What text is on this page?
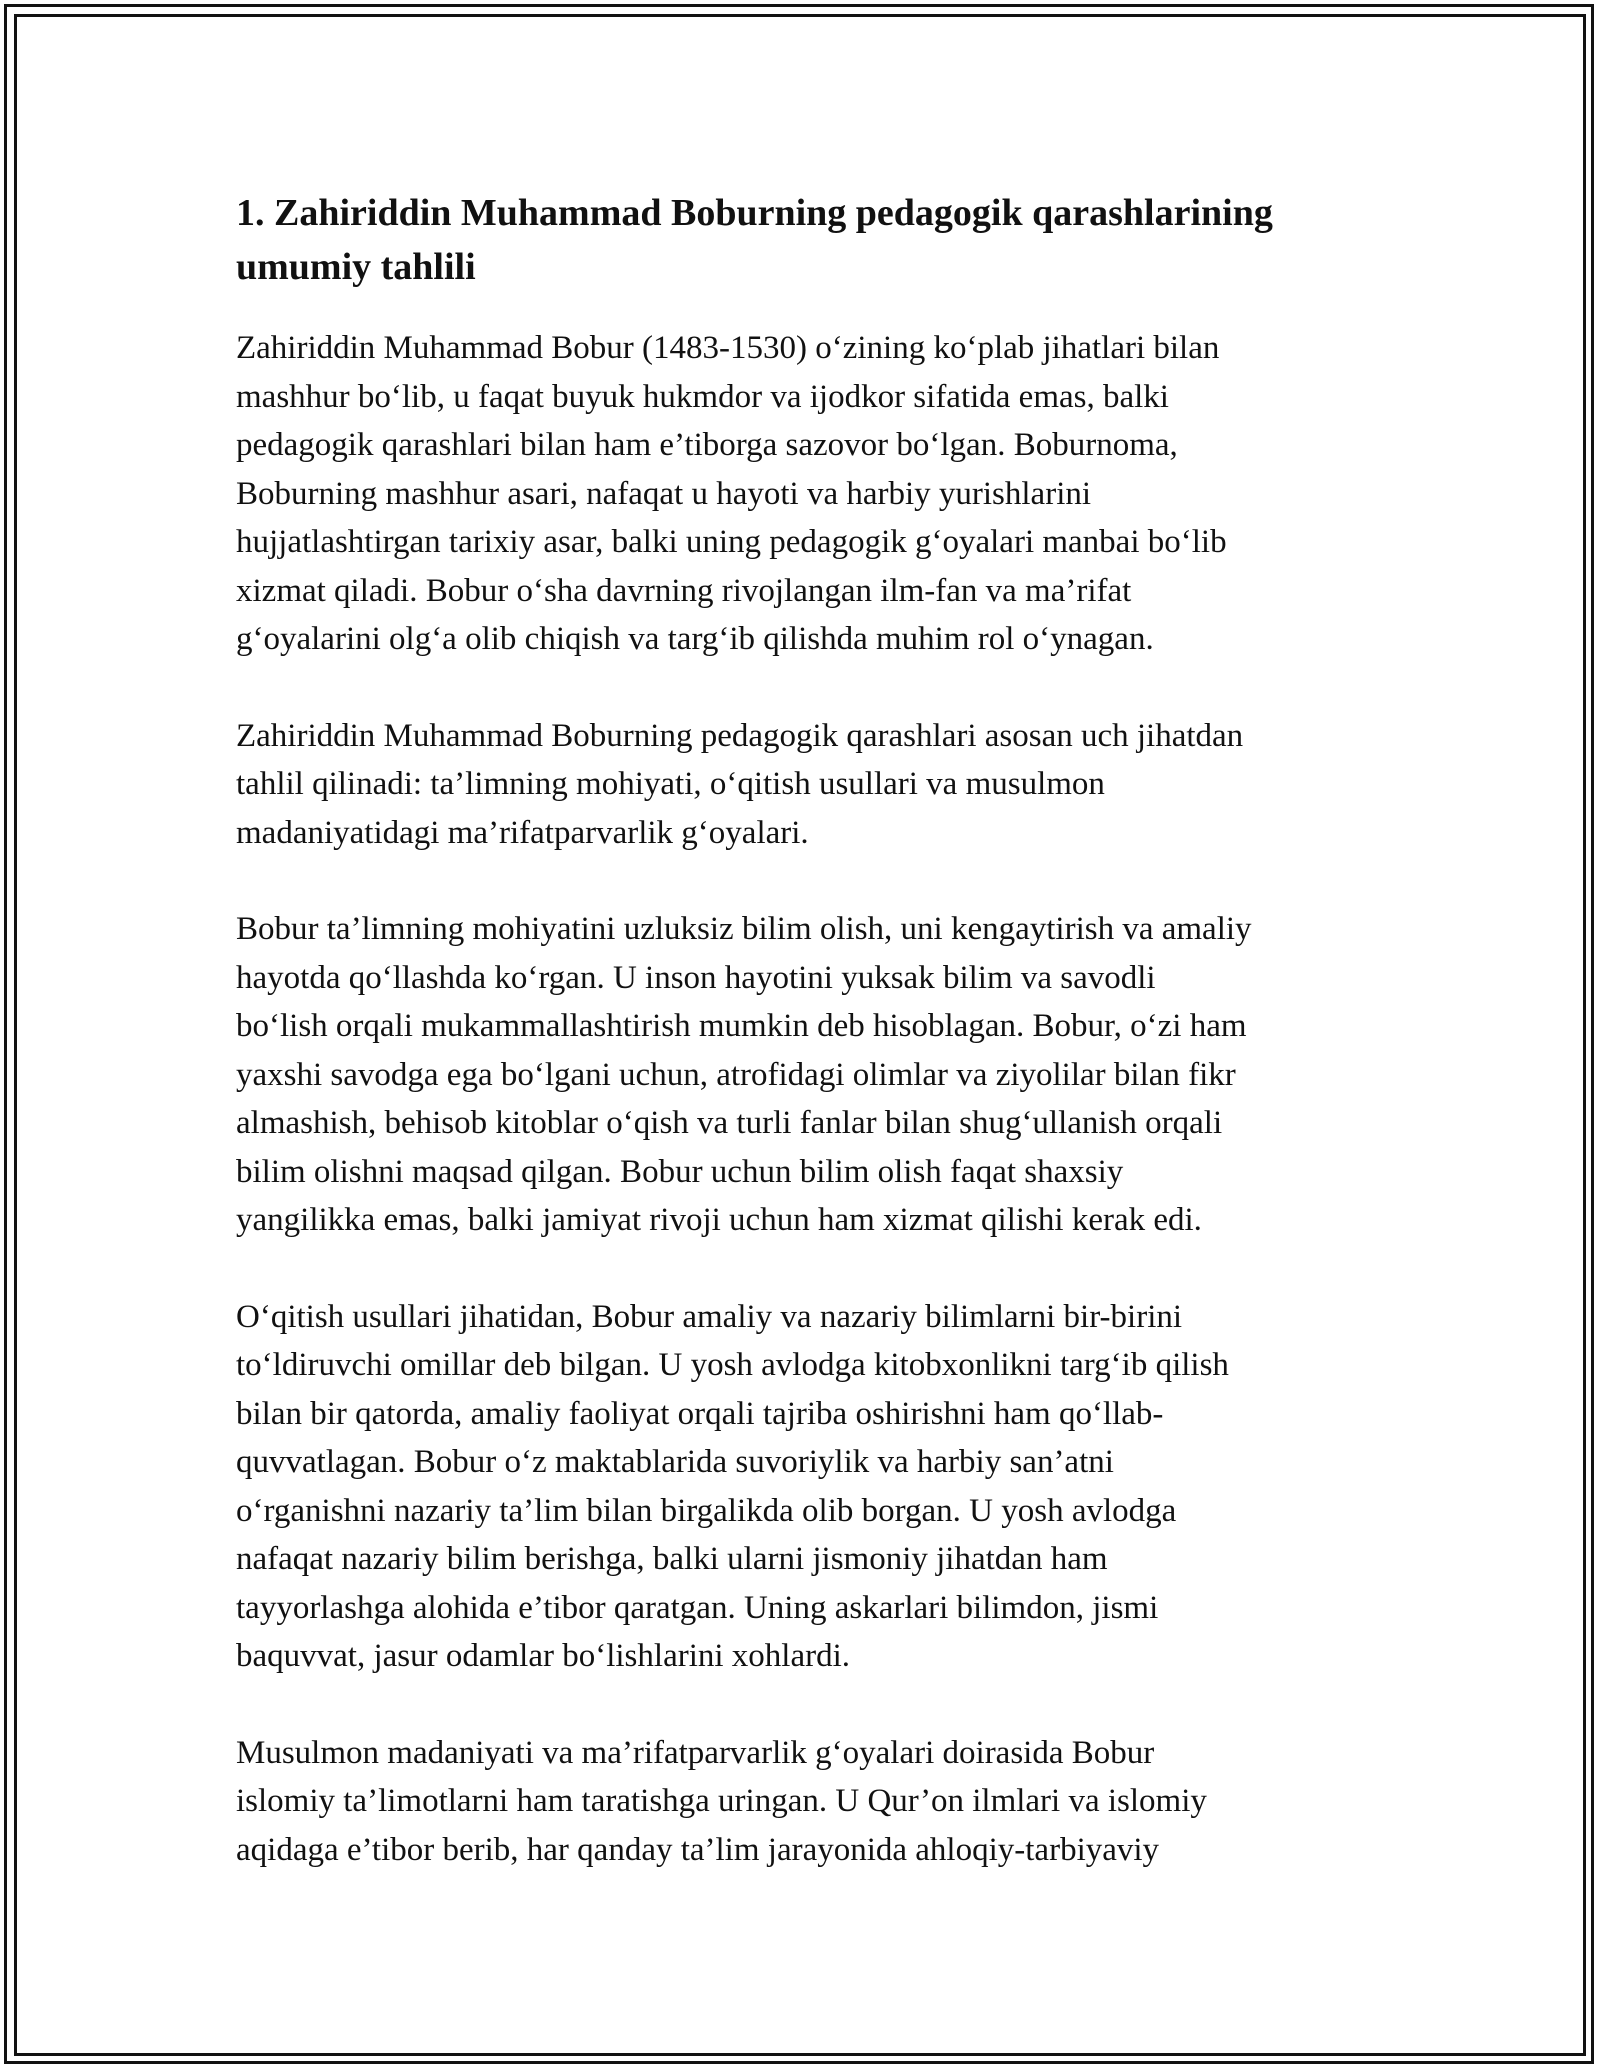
1. Zahiriddin Muhammad Boburning pedagogik qarashlarining umumiy tahlili

Zahiriddin Muhammad Bobur (1483-1530) o‘zining ko‘plab jihatlari bilan
mashhur bo‘lib, u faqat buyuk hukmdor va ijodkor sifatida emas, balki
pedagogik qarashlari bilan ham e’tiborga sazovor bo‘lgan. Boburnoma,
Boburning mashhur asari, nafaqat u hayoti va harbiy yurishlarini
hujjatlashtirgan tarixiy asar, balki uning pedagogik g‘oyalari manbai bo‘lib
xizmat qiladi. Bobur o‘sha davrning rivojlangan ilm-fan va ma’rifat
g‘oyalarini olg‘a olib chiqish va targ‘ib qilishda muhim rol o‘ynagan.

Zahiriddin Muhammad Boburning pedagogik qarashlari asosan uch jihatdan
tahlil qilinadi: ta’limning mohiyati, o‘qitish usullari va musulmon
madaniyatidagi ma’rifatparvarlik g‘oyalari.

Bobur ta’limning mohiyatini uzluksiz bilim olish, uni kengaytirish va amaliy
hayotda qo‘llashda ko‘rgan. U inson hayotini yuksak bilim va savodli
bo‘lish orqali mukammallashtirish mumkin deb hisoblagan. Bobur, o‘zi ham
yaxshi savodga ega bo‘lgani uchun, atrofidagi olimlar va ziyolilar bilan fikr
almashish, behisob kitoblar o‘qish va turli fanlar bilan shug‘ullanish orqali
bilim olishni maqsad qilgan. Bobur uchun bilim olish faqat shaxsiy
yangilikka emas, balki jamiyat rivoji uchun ham xizmat qilishi kerak edi.

O‘qitish usullari jihatidan, Bobur amaliy va nazariy bilimlarni bir-birini
to‘ldiruvchi omillar deb bilgan. U yosh avlodga kitobxonlikni targ‘ib qilish
bilan bir qatorda, amaliy faoliyat orqali tajriba oshirishni ham qo‘llab-
quvvatlagan. Bobur o‘z maktablarida suvoriylik va harbiy san’atni
o‘rganishni nazariy ta’lim bilan birgalikda olib borgan. U yosh avlodga
nafaqat nazariy bilim berishga, balki ularni jismoniy jihatdan ham
tayyorlashga alohida e’tibor qaratgan. Uning askarlari bilimdon, jismi
baquvvat, jasur odamlar bo‘lishlarini xohlardi.

Musulmon madaniyati va ma’rifatparvarlik g‘oyalari doirasida Bobur
islomiy ta’limotlarni ham taratishga uringan. U Qur’on ilmlari va islomiy
aqidaga e’tibor berib, har qanday ta’lim jarayonida ahloqiy-tarbiyaviy
